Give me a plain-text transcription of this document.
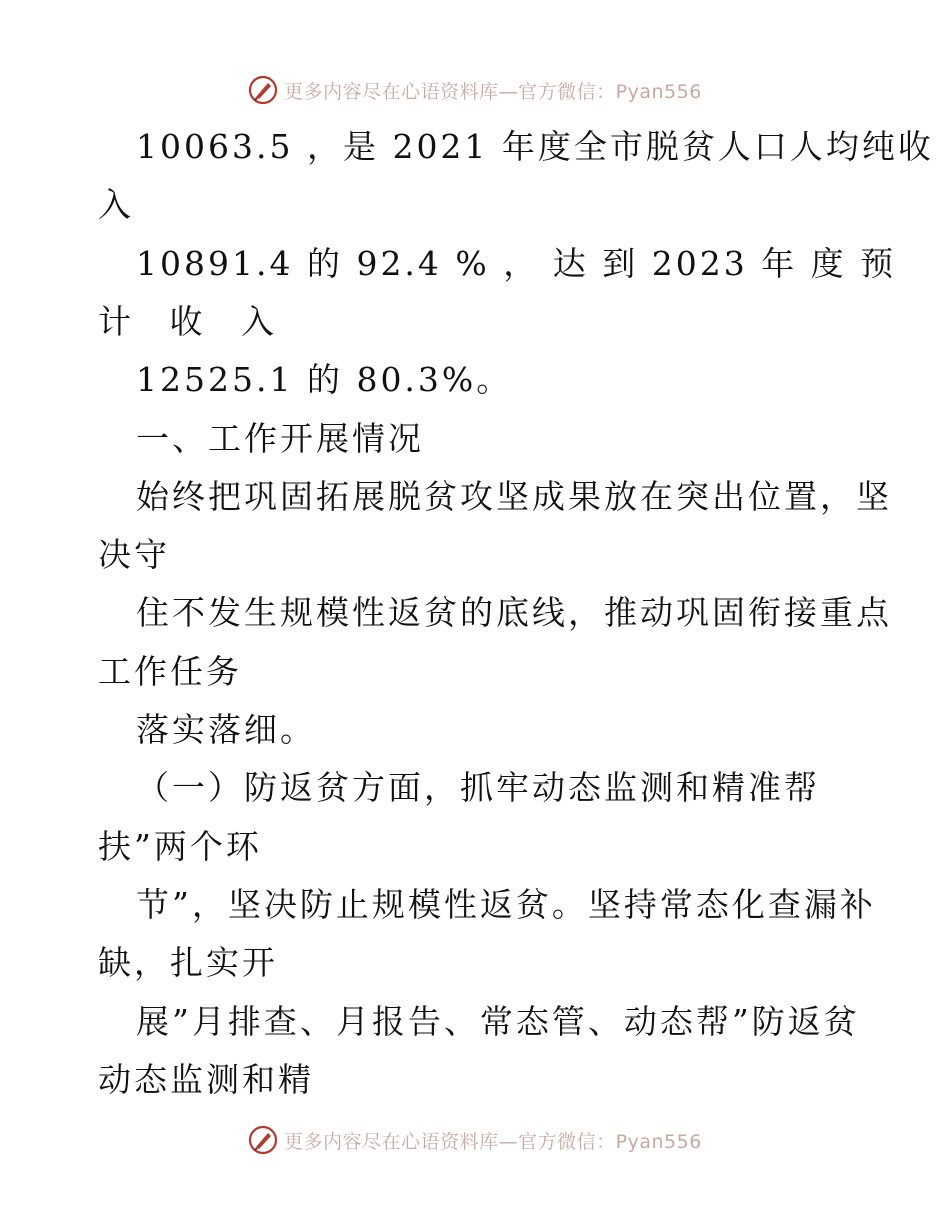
更多内容尽在心语资料库—官方微信：Pyan556
10063.5 ，是 2021 年度全市脱贫人口人均纯收
入
10891.4 的 92.4 % ， 达 到 2023 年 度 预
计 收 入
12525.1 的 80.3%。
一、工作开展情况
始终把巩固拓展脱贫攻坚成果放在突出位置，坚
决守
住不发生规模性返贫的底线，推动巩固衔接重点
工作任务
落实落细。
（一）防返贫方面，抓牢动态监测和精准帮
扶”两个环
节”，坚决防止规模性返贫。坚持常态化查漏补
缺，扎实开
展”月排查、月报告、常态管、动态帮”防返贫
动态监测和精
更多内容尽在心语资料库—官方微信：Pyan556
